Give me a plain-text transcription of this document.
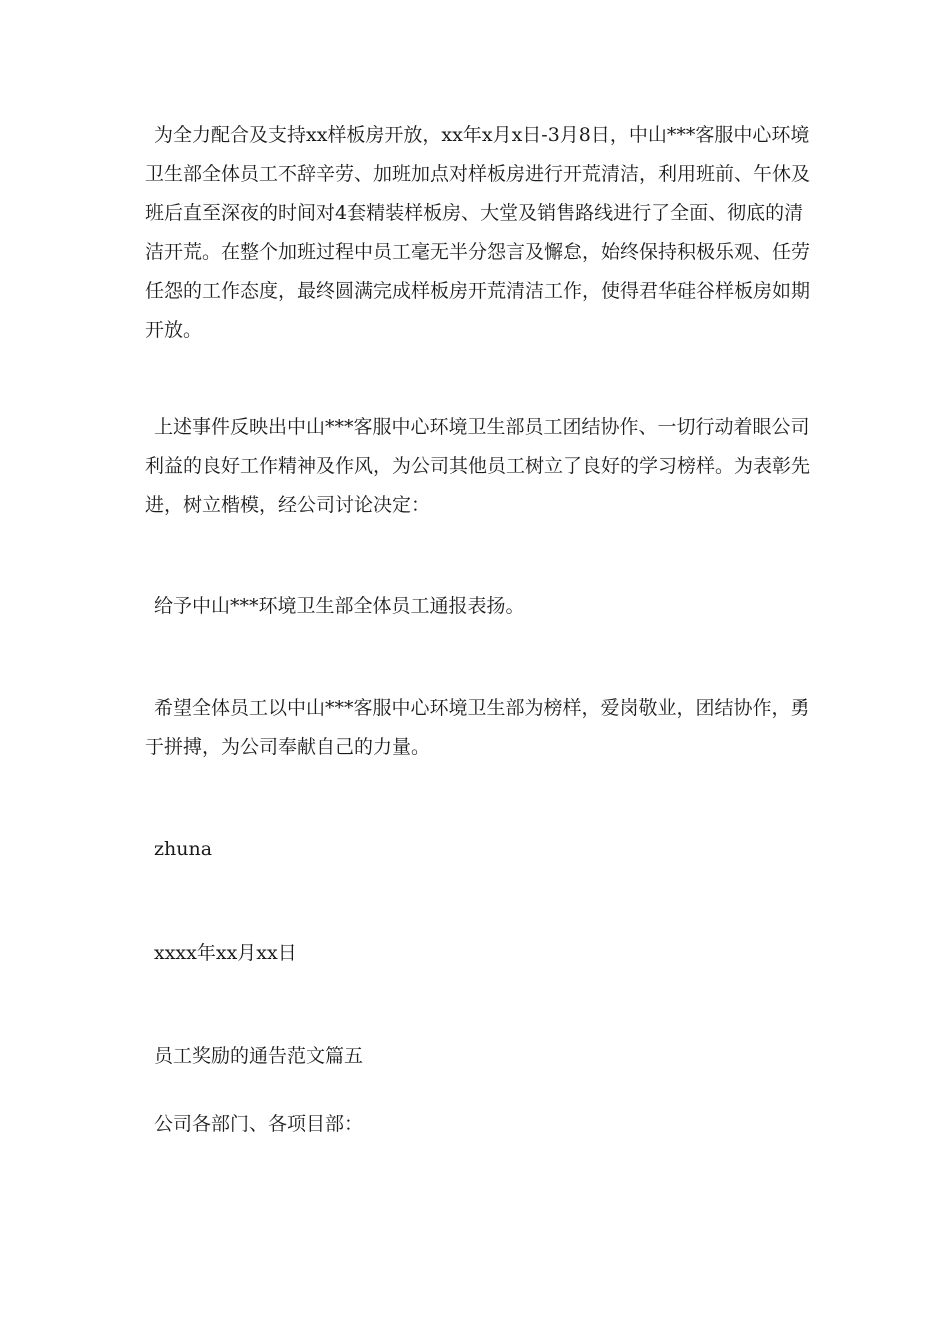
为全力配合及支持xx样板房开放，xx年x月x日-3月8日，中山***客服中心环境卫生部全体员工不辞辛劳、加班加点对样板房进行开荒清洁，利用班前、午休及班后直至深夜的时间对4套精装样板房、大堂及销售路线进行了全面、彻底的清洁开荒。在整个加班过程中员工毫无半分怨言及懈怠，始终保持积极乐观、任劳任怨的工作态度，最终圆满完成样板房开荒清洁工作，使得君华硅谷样板房如期开放。

上述事件反映出中山***客服中心环境卫生部员工团结协作、一切行动着眼公司利益的良好工作精神及作风，为公司其他员工树立了良好的学习榜样。为表彰先进，树立楷模，经公司讨论决定：

给予中山***环境卫生部全体员工通报表扬。

希望全体员工以中山***客服中心环境卫生部为榜样，爱岗敬业，团结协作，勇于拼搏，为公司奉献自己的力量。

zhuna

xxxx年xx月xx日

员工奖励的通告范文篇五

公司各部门、各项目部：
